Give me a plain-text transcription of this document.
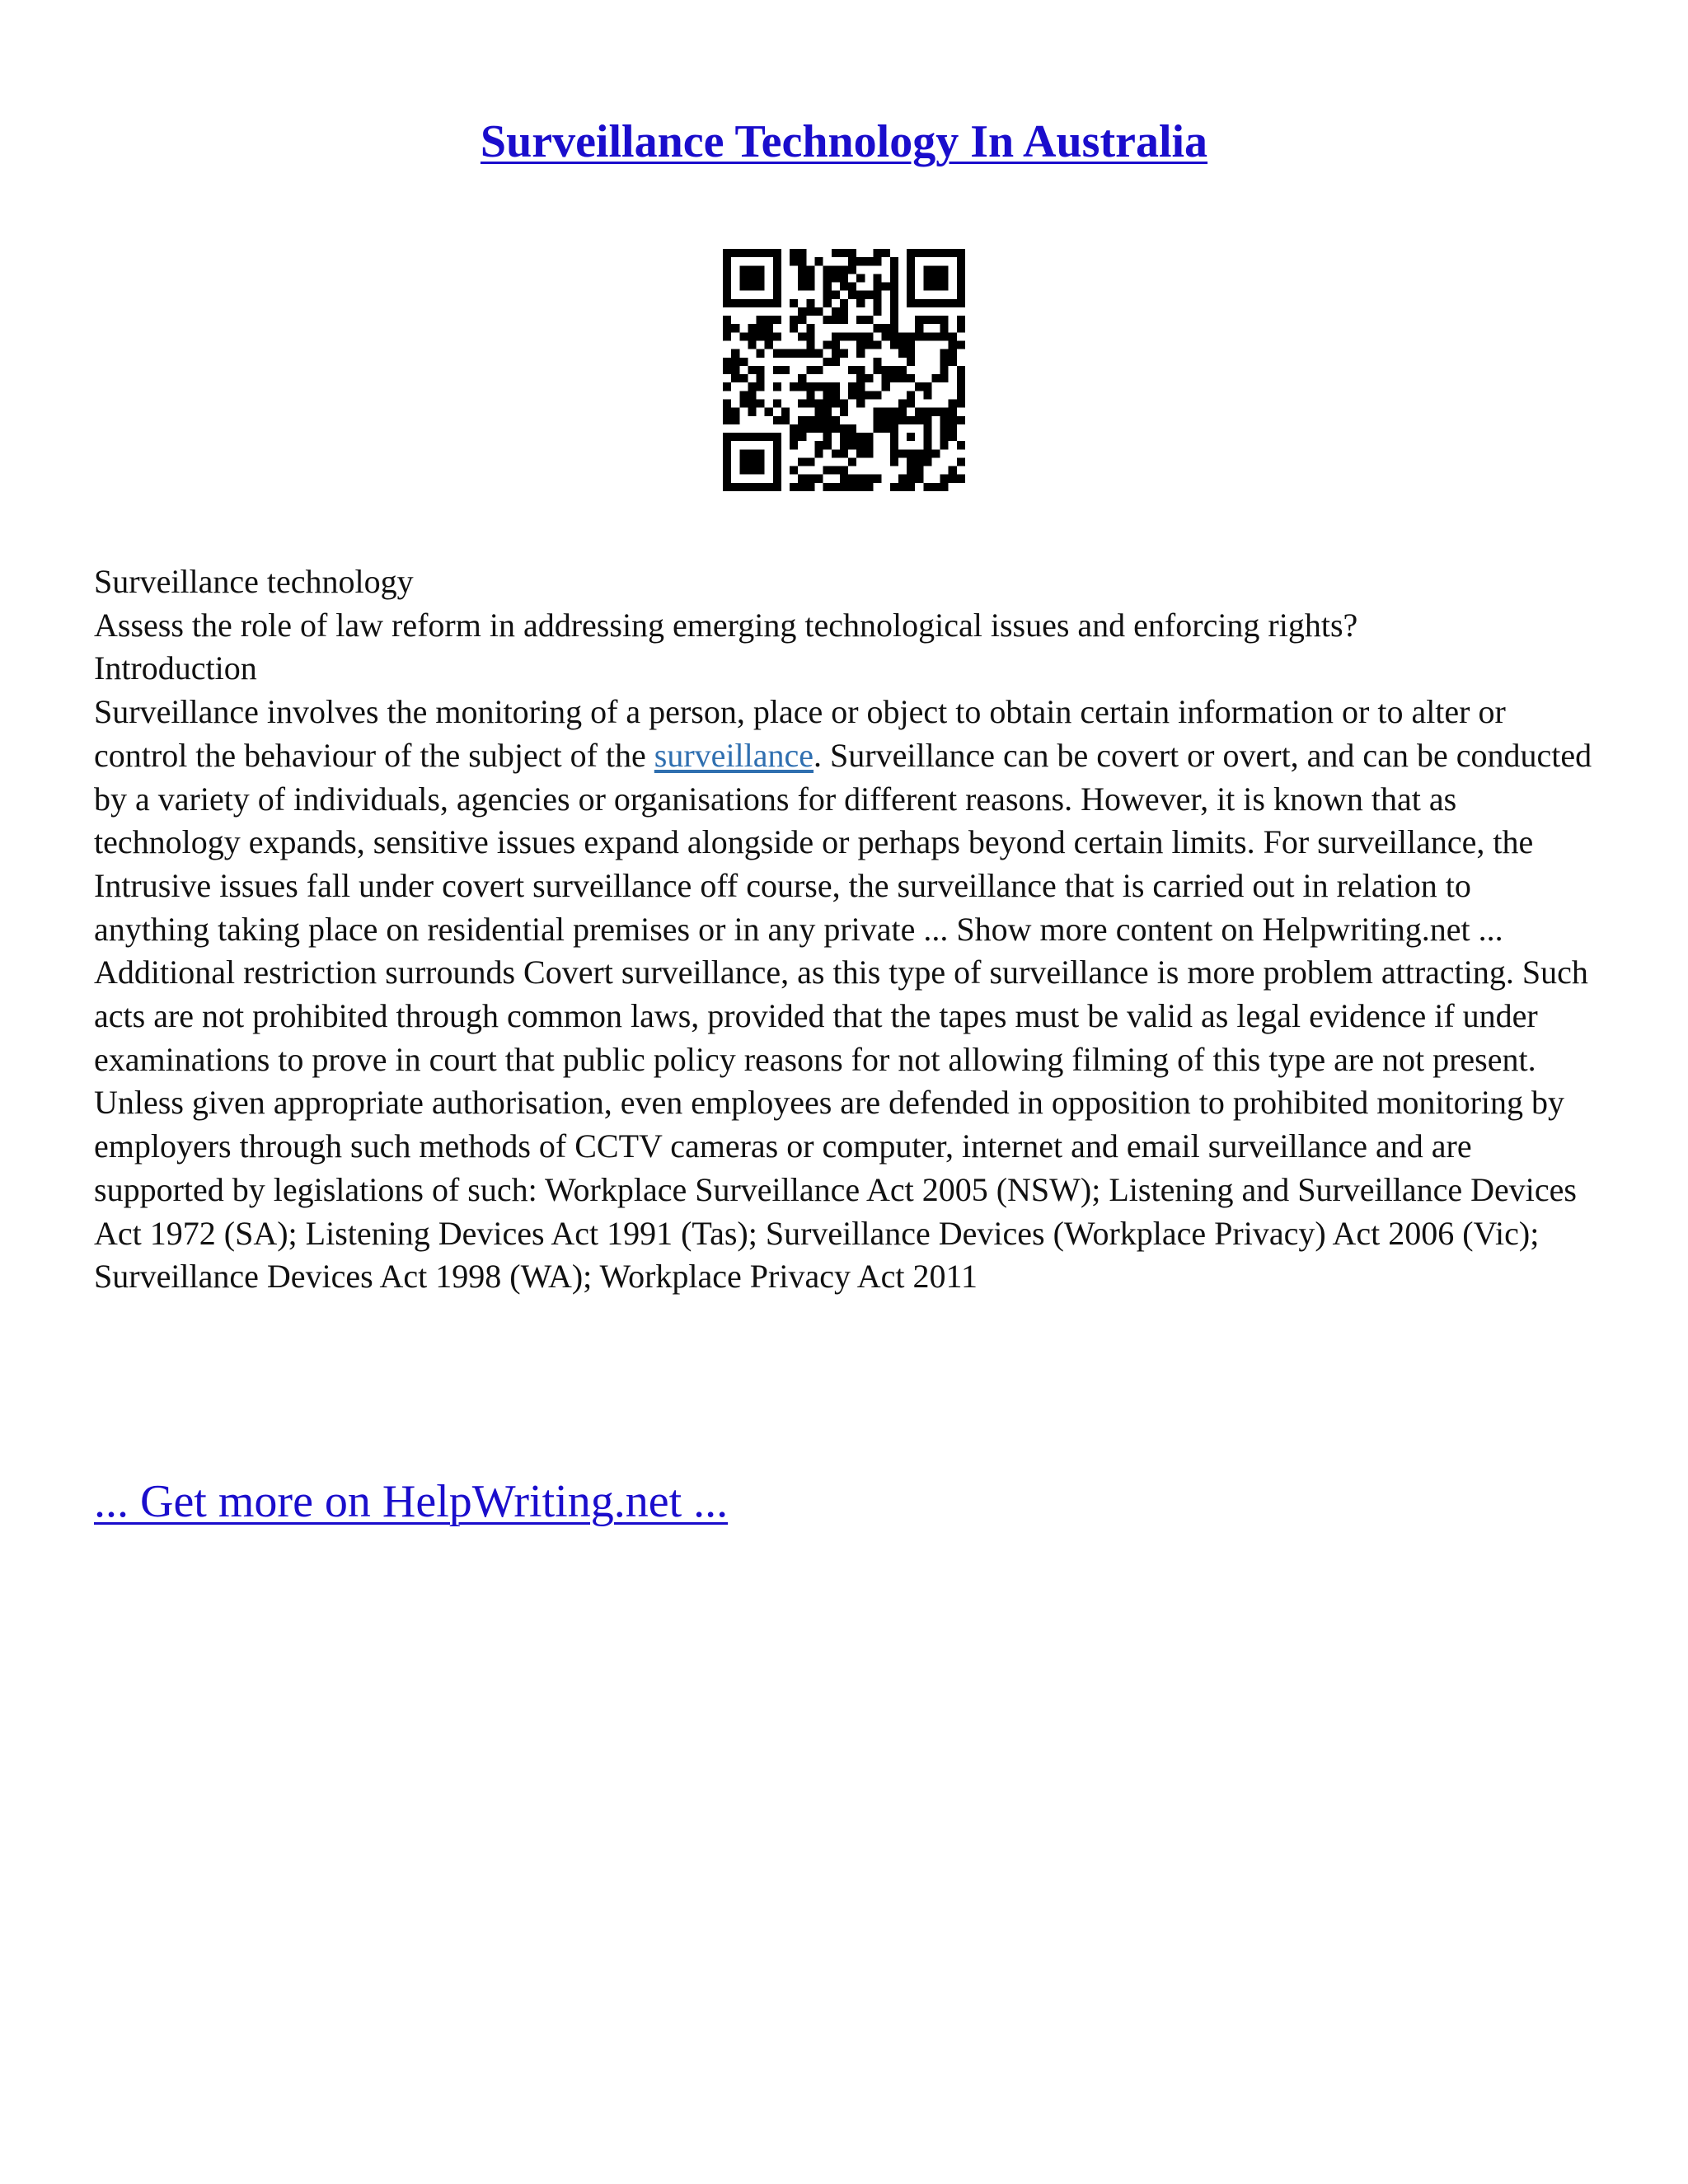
Surveillance Technology In Australia

Surveillance technology

Assess the role of law reform in addressing emerging technological issues and enforcing rights?

Introduction

Surveillance involves the monitoring of a person, place or object to obtain certain information or to alter or control the behaviour of the subject of the surveillance. Surveillance can be covert or overt, and can be conducted by a variety of individuals, agencies or organisations for different reasons. However, it is known that as technology expands, sensitive issues expand alongside or perhaps beyond certain limits. For surveillance, the Intrusive issues fall under covert surveillance off course, the surveillance that is carried out in relation to anything taking place on residential premises or in any private ... Show more content on Helpwriting.net ...

Additional restriction surrounds Covert surveillance, as this type of surveillance is more problem attracting. Such acts are not prohibited through common laws, provided that the tapes must be valid as legal evidence if under examinations to prove in court that public policy reasons for not allowing filming of this type are not present.

Unless given appropriate authorisation, even employees are defended in opposition to prohibited monitoring by employers through such methods of CCTV cameras or computer, internet and email surveillance and are supported by legislations of such: Workplace Surveillance Act 2005 (NSW); Listening and Surveillance Devices Act 1972 (SA); Listening Devices Act 1991 (Tas); Surveillance Devices (Workplace Privacy) Act 2006 (Vic); Surveillance Devices Act 1998 (WA); Workplace Privacy Act 2011

... Get more on HelpWriting.net ...
